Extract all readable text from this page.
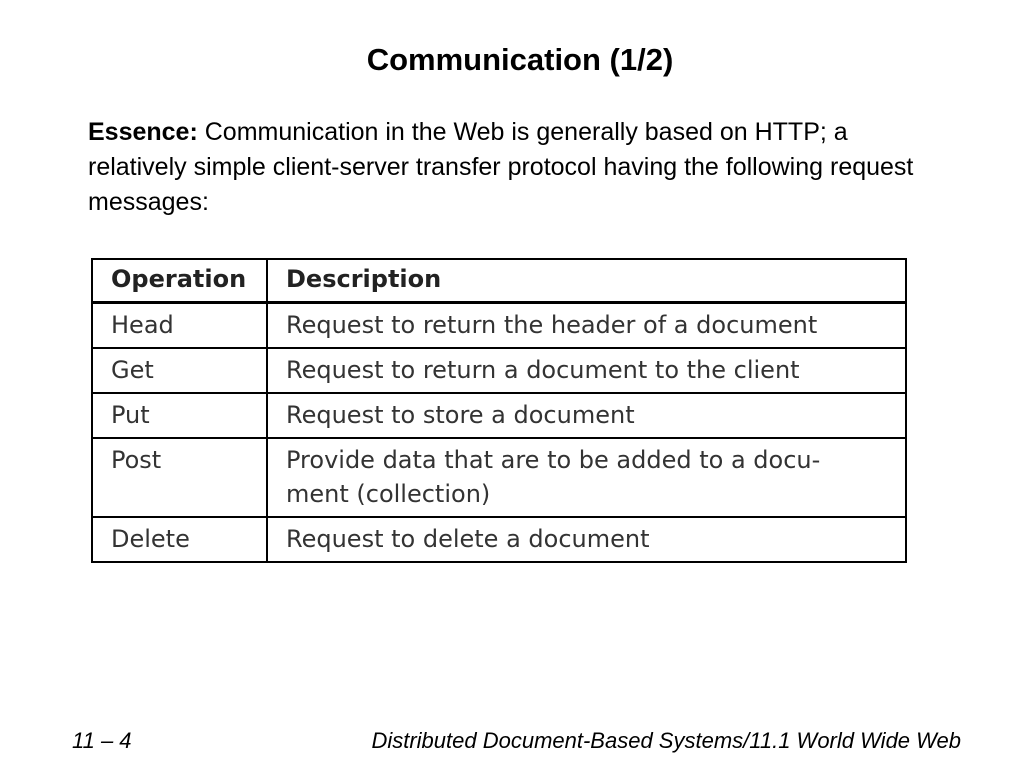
Communication (1/2)

Essence: Communication in the Web is generally based on HTTP; a relatively simple client-server transfer protocol having the following request messages:

Operation	Description
Head	Request to return the header of a document
Get	Request to return a document to the client
Put	Request to store a document
Post	Provide data that are to be added to a docu-
ment (collection)

Delete	Request to delete a document
11 – 4	Distributed Document-Based Systems/11.1 World Wide Web
